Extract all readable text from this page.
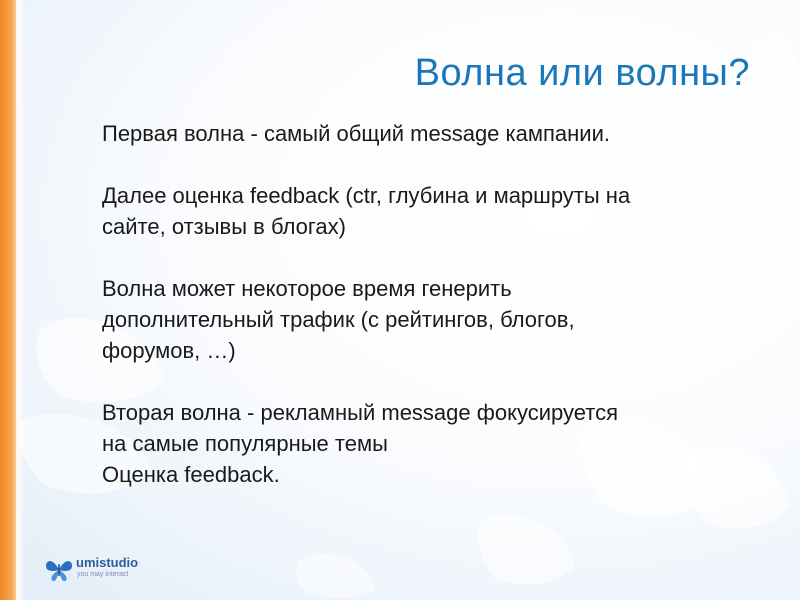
Волна или волны?

Первая волна - самый общий message кампании.

Далее оценка feedback (ctr, глубина и маршруты на
сайте, отзывы в блогах)

Волна может некоторое время генерить
дополнительный трафик (с рейтингов, блогов,
форумов, …)

Вторая волна - рекламный message фокусируется
на самые популярные темы
Оценка feedback.

umistudio
you may interact
